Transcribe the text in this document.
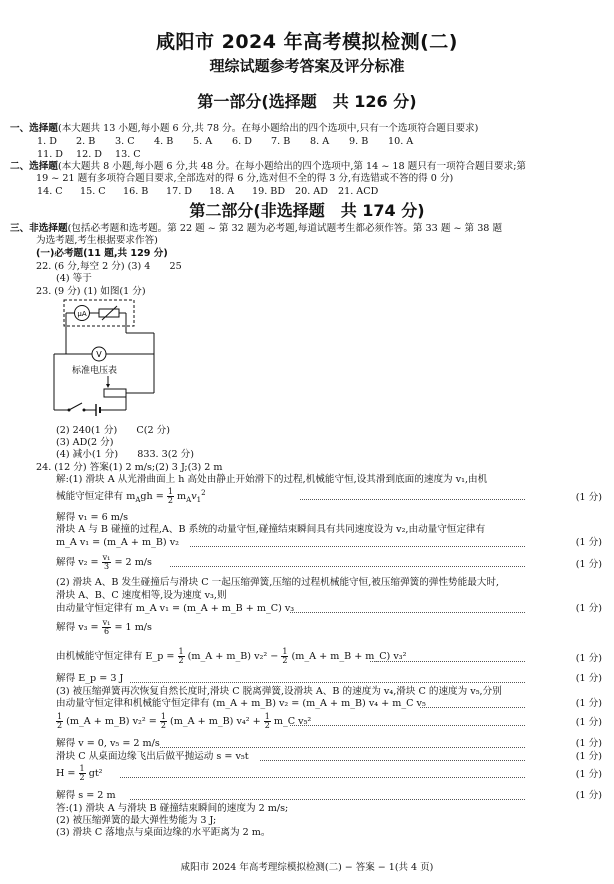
咸阳市 2024 年高考模拟检测(二)
理综试题参考答案及评分标准
第一部分(选择题　共 126 分)
一、选择题(本大题共 13 小题,每小题 6 分,共 78 分。在每小题给出的四个选项中,只有一个选项符合题目要求)
1. D	2. B	3. C	4. B	5. A	6. D	7. B	8. A	9. B	10. A
11. D	12. D	13. C
二、选择题(本大题共 8 小题,每小题 6 分,共 48 分。在每小题给出的四个选项中,第 14 ~ 18 题只有一项符合题目要求;第
19 ~ 21 题有多项符合题目要求,全部选对的得 6 分,选对但不全的得 3 分,有选错或不答的得 0 分)
14. C	15. C	16. B	17. D	18. A	19. BD	20. AD	21. ACD
第二部分(非选择题　共 174 分)
三、非选择题(包括必考题和选考题。第 22 题 ~ 第 32 题为必考题,每道试题考生都必须作答。第 33 题 ~ 第 38 题
为选考题,考生根据要求作答)
(一)必考题(11 题,共 129 分)
22. (6 分,每空 2 分) (3) 4　　25
(4) 等于
23. (9 分) (1) 如图(1 分)
μA
V
标准电压表
(2) 240(1 分)　　C(2 分)
(3) AD(2 分)
(4) 减小(1 分)　　833. 3(2 分)
24. (12 分) 答案(1) 2 m/s;(2) 3 J;(3) 2 m
解:(1) 滑块 A 从光滑曲面上 h 高处由静止开始滑下的过程,机械能守恒,设其滑到底面的速度为 v₁,由机
械能守恒定律有 $m_Agh = \frac{1}{2} m_Av_1^2$	(1 分)
解得 v₁ = 6 m/s
滑块 A 与 B 碰撞的过程,A、B 系统的动量守恒,碰撞结束瞬间具有共同速度设为 v₂,由动量守恒定律有
m_A v₁ = (m_A + m_B) v₂	(1 分)
解得 $v_2 = \frac{\text{v₁}}{3} = 2$ m/s	(1 分)
(2) 滑块 A、B 发生碰撞后与滑块 C 一起压缩弹簧,压缩的过程机械能守恒,被压缩弹簧的弹性势能最大时,
滑块 A、B、C 速度相等,设为速度 v₃,则
由动量守恒定律有 m_A v₁ = (m_A + m_B + m_C) v₃	(1 分)
解得 $v_3 = \frac{\text{v₁}}{6} = 1$ m/s
由机械能守恒定律有 E_p = $\frac{1}{2}$ (m_A + m_B) $v_2^2 - \frac{1}{2}$ (m_A + m_B + m_C) v₃²	(1 分)
解得 E_p = 3 J	(1 分)
(3) 被压缩弹簧再次恢复自然长度时,滑块 C 脱离弹簧,设滑块 A、B 的速度为 v₄,滑块 C 的速度为 v₅,分别
由动量守恒定律和机械能守恒定律有 (m_A + m_B) v₂ = (m_A + m_B) v₄ + m_C v₅	(1 分)
$\frac{1}{2}$ (m_A + m_B) $v_2^2 = \frac{1}{2}$ (m_A + m_B) $v_4^2 + \frac{1}{2}$ m_C v₅²	(1 分)
解得 v = 0, v₅ = 2 m/s	(1 分)
滑块 C 从桌面边缘飞出后做平抛运动 s = v₅t	(1 分)
$H = \frac{1}{2} gt^2$	(1 分)
解得 s = 2 m	(1 分)
答:(1) 滑块 A 与滑块 B 碰撞结束瞬间的速度为 2 m/s;
(2) 被压缩弹簧的最大弹性势能为 3 J;
(3) 滑块 C 落地点与桌面边缘的水平距离为 2 m。
咸阳市 2024 年高考理综模拟检测(二) − 答案 − 1(共 4 页)
